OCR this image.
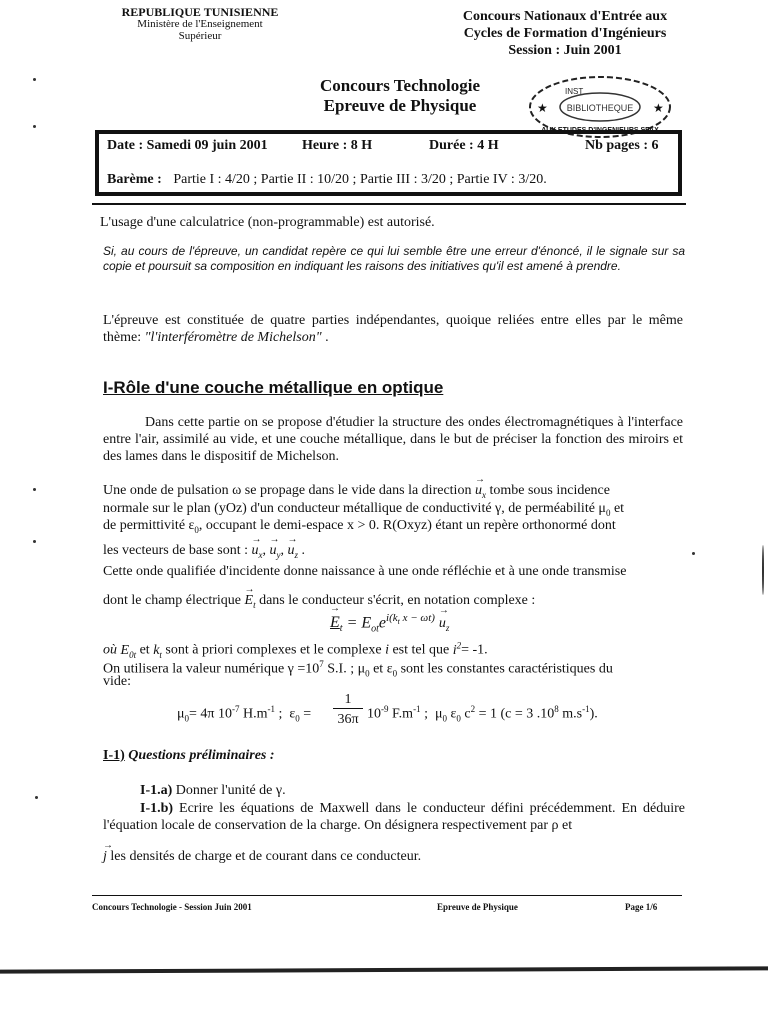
REPUBLIQUE TUNISIENNE
Ministère de l'Enseignement
Supérieur
Concours Nationaux d'Entrée aux
Cycles de Formation d'Ingénieurs
Session : Juin 2001
Concours Technologie
Epreuve de Physique
INST
BIBLIOTHEQUE
AUX ETUDES D'INGENIEURS SFAX
★	★
Date : Samedi 09 juin 2001 Heure : 8 H	Durée : 4 H	Nb pages : 6
Barème : Partie I : 4/20 ; Partie II : 10/20 ; Partie III : 3/20 ; Partie IV : 3/20.
L'usage d'une calculatrice (non-programmable) est autorisé.
Si, au cours de l'épreuve, un candidat repère ce qui lui semble être une erreur d'énoncé, il le signale sur sa copie et poursuit sa composition en indiquant les raisons des initiatives qu'il est amené à prendre.
L'épreuve est constituée de quatre parties indépendantes, quoique reliées entre elles par le même thème: "l'interféromètre de Michelson" .
I-Rôle d'une couche métallique en optique
Dans cette partie on se propose d'étudier la structure des ondes électromagnétiques à l'interface entre l'air, assimilé au vide, et une couche métallique, dans le but de préciser la fonction des miroirs et des lames dans le dispositif de Michelson.
Une onde de pulsation ω se propage dans le vide dans la direction → $u_x$ tombe sous incidence
normale sur le plan (yOz) d'un conducteur métallique de conductivité γ, de perméabilité $\mu_0$ et
de permittivité $\varepsilon_0$, occupant le demi-espace x > 0. R(Oxyz) étant un repère orthonormé dont
les vecteurs de base sont : → $u_x$, → $u_y$, → $u_z$ .
Cette onde qualifiée d'incidente donne naissance à une onde réfléchie et à une onde transmise
dont le champ électrique → $E_t$ dans le conducteur s'écrit, en notation complexe :
→ $E_t = E_{ot}e^{i(k_t x - \omega t)} \to u_z$
où $E_{0t}$ et $k_t$ sont à priori complexes et le complexe i est tel que $i^2= -1$.
On utilisera la valeur numérique $\gamma =10^7$ S.I. ; $\mu_0$ et $\varepsilon_0$ sont les constantes caractéristiques du
vide:
$\mu_0= 4\pi$ $10^{-7}$ $H.m^{-1}$ ;  $\varepsilon_0$ =
1
36π $10^{-9}$ $F.m^{-1}$ ;  $\mu_0$ $\varepsilon_0$ $c^2 = 1$ (c = 3 $.10^8$ $m.s^{-1}$).
I-1) Questions préliminaires :
I-1.a) Donner l'unité de γ.
I-1.b) Ecrire les équations de Maxwell dans le conducteur défini précédemment. En déduire l'équation locale de conservation de la charge. On désignera respectivement par ρ et
→ j les densités de charge et de courant dans ce conducteur.
Concours Technologie - Session Juin 2001	Epreuve de Physique	Page 1/6
